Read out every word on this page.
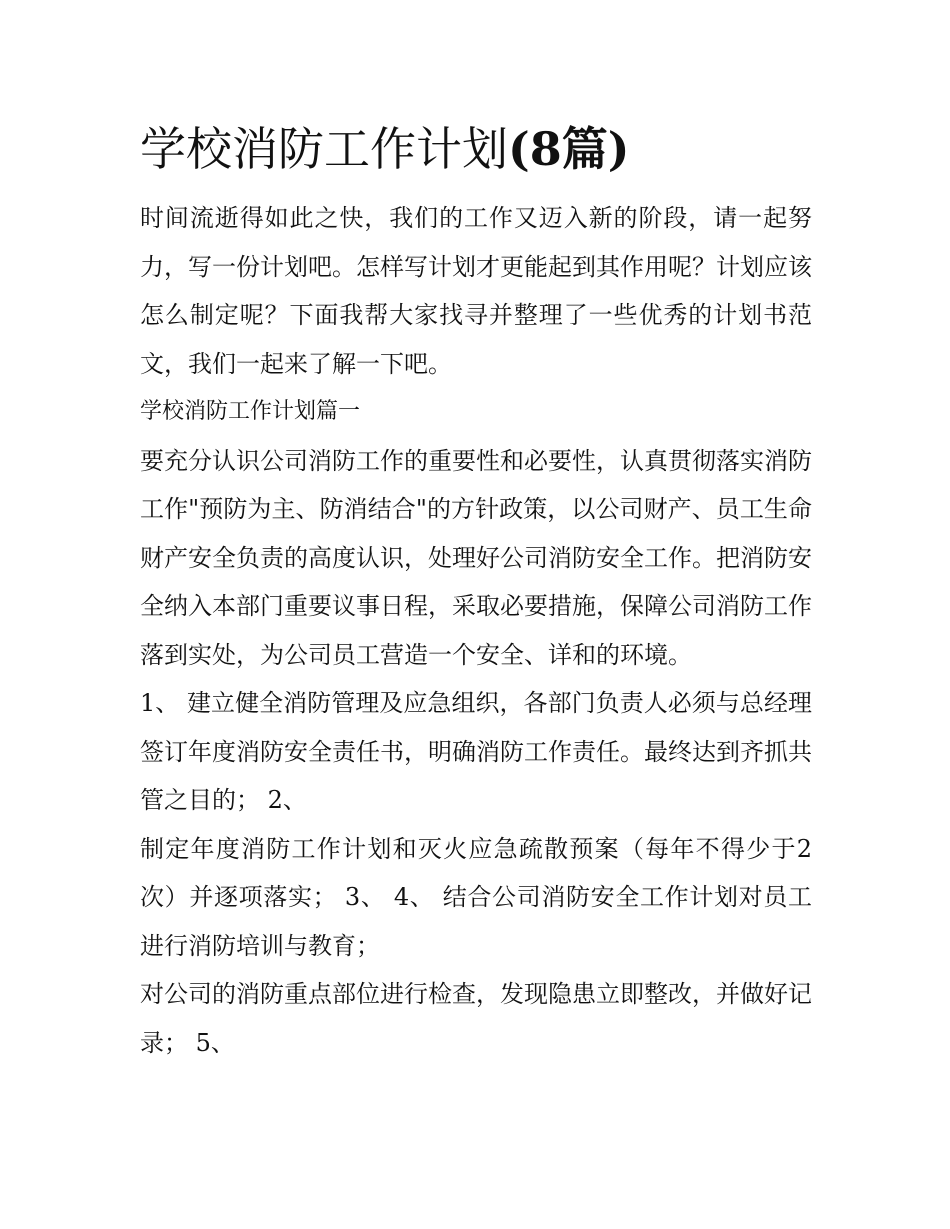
学校消防工作计划(8篇)

时间流逝得如此之快，我们的工作又迈入新的阶段，请一起努力，写一份计划吧。怎样写计划才更能起到其作用呢？计划应该怎么制定呢？下面我帮大家找寻并整理了一些优秀的计划书范文，我们一起来了解一下吧。

学校消防工作计划篇一

要充分认识公司消防工作的重要性和必要性，认真贯彻落实消防工作"预防为主、防消结合"的方针政策，以公司财产、员工生命财产安全负责的高度认识，处理好公司消防安全工作。把消防安全纳入本部门重要议事日程，采取必要措施，保障公司消防工作落到实处，为公司员工营造一个安全、详和的环境。

1、 建立健全消防管理及应急组织，各部门负责人必须与总经理签订年度消防安全责任书，明确消防工作责任。最终达到齐抓共管之目的； 2、

制定年度消防工作计划和灭火应急疏散预案（每年不得少于2次）并逐项落实； 3、 4、 结合公司消防安全工作计划对员工进行消防培训与教育；

对公司的消防重点部位进行检查，发现隐患立即整改，并做好记录； 5、
